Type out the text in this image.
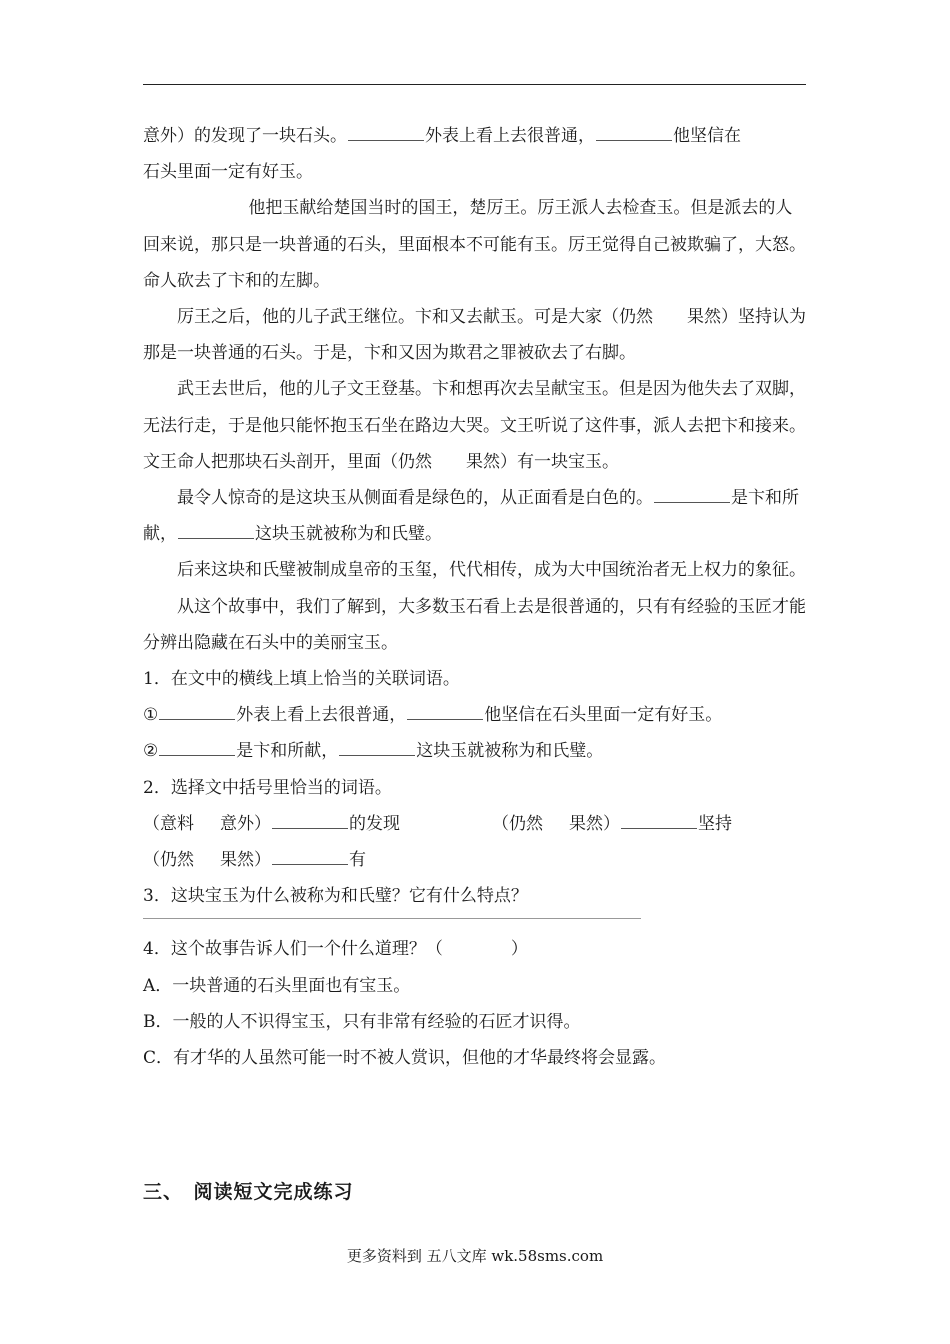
意外）的发现了一块石头。	外表上看上去很普通，	他坚信在

石头里面一定有好玉。

他把玉献给楚国当时的国王，楚厉王。厉王派人去检查玉。但是派去的人回来说，那只是一块普通的石头，里面根本不可能有玉。厉王觉得自己被欺骗了，大怒。命人砍去了卞和的左脚。

厉王之后，他的儿子武王继位。卞和又去献玉。可是大家（仍然　　果然）坚持认为那是一块普通的石头。于是，卞和又因为欺君之罪被砍去了右脚。

武王去世后，他的儿子文王登基。卞和想再次去呈献宝玉。但是因为他失去了双脚，无法行走，于是他只能怀抱玉石坐在路边大哭。文王听说了这件事，派人去把卞和接来。文王命人把那块石头剖开，里面（仍然　　果然）有一块宝玉。

最令人惊奇的是这块玉从侧面看是绿色的，从正面看是白色的。	是卞和所献，	这块玉就被称为和氏璧。

后来这块和氏璧被制成皇帝的玉玺，代代相传，成为大中国统治者无上权力的象征。

从这个故事中，我们了解到，大多数玉石看上去是很普通的，只有有经验的玉匠才能分辨出隐藏在石头中的美丽宝玉。

1．在文中的横线上填上恰当的关联词语。

①	外表上看上去很普通，	他坚信在石头里面一定有好玉。

②	是卞和所献，	这块玉就被称为和氏璧。

2．选择文中括号里恰当的词语。

（意料 意外）	的发现	（仍然 果然）	坚持

（仍然 果然）	有

3．这块宝玉为什么被称为和氏璧？它有什么特点？

4．这个故事告诉人们一个什么道理？（　　　　）

A．一块普通的石头里面也有宝玉。

B．一般的人不识得宝玉，只有非常有经验的石匠才识得。

C．有才华的人虽然可能一时不被人赏识，但他的才华最终将会显露。

三、　阅读短文完成练习
更多资料到 五八文库 wk.58sms.com
